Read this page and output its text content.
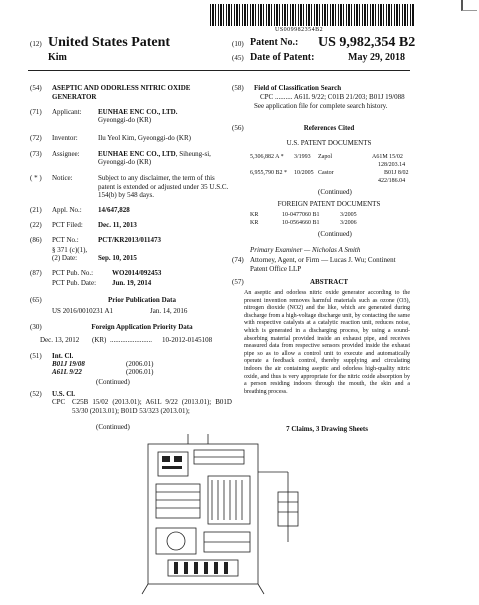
US009982354B2
(12) United States Patent
Kim
(10) Patent No.: US 9,982,354 B2
(45) Date of Patent:	May 29, 2018
(54) ASEPTIC AND ODORLESS NITRIC OXIDE GENERATOR
(71) Applicant: EUNHAE ENC CO., LTD.
Gyeonggi-do (KR)
(72) Inventor:	Ilu Yeol Kim, Gyeonggi-do (KR)
(73) Assignee:	EUNHAE ENC CO., LTD, Siheung-si,
Gyeonggi-do (KR)
( * ) Notice:	Subject to any disclaimer, the term of this patent is extended or adjusted under 35 U.S.C. 154(b) by 548 days.
(21) Appl. No.: 14/647,828
(22) PCT Filed: Dec. 11, 2013
(86) PCT No.:	PCT/KR2013/011473
§ 371 (c)(1),
(2) Date:	Sep. 10, 2015
(87) PCT Pub. No.:	WO2014/092453
PCT Pub. Date: Jun. 19, 2014
(65)	Prior Publication Data
US 2016/0010231 A1	Jan. 14, 2016
(30)	Foreign Application Priority Data
Dec. 13, 2012 (KR) ........................ 10-2012-0145108
(51) Int. Cl.
B01J 19/08	(2006.01)
A61L 9/22	(2006.01)
(Continued)
(52) U.S. Cl.
CPC C25B 15/02 (2013.01); A61L 9/22 (2013.01); B01D 53/30 (2013.01); B01D 53/323 (2013.01);
(Continued)
(58) Field of Classification Search
CPC .......... A61L 9/22; C01B 21/203; B01J 19/088
See application file for complete search history.
(56)	References Cited
U.S. PATENT DOCUMENTS
5,306,882 A * 3/1993 Zapol	A61M 15/02
128/203.14
6,955,790 B2 * 10/2005 Castor	B01J 8/02
422/186.04
(Continued)
FOREIGN PATENT DOCUMENTS
KR	10-0477060 B1	3/2005
KR	10-0564660 B1	3/2006
(Continued)
Primary Examiner — Nicholas A Smith
(74) Attorney, Agent, or Firm — Lucas J. Wu; Continent Patent Office LLP
(57)	ABSTRACT
An aseptic and odorless nitric oxide generator according to the present invention removes harmful materials such as ozone (O3), nitrogen dioxide (NO2) and the like, which are generated during discharge from a high-voltage discharge unit, by contacting the same with respective catalysts at a catalytic reaction unit, reduces noise, which is generated in a discharging process, by using a sound-absorbing material provided inside an exhaust pipe, and receives measured data from respective sensors provided inside the exhaust pipe so as to allow a control unit to execute and automatically operate a feedback control, thereby supplying and circulating indoors the air containing aseptic and odorless high-quality nitric oxide, and thus is very appropriate for the nitric oxide absorption by a person residing indoors through the mouth, the skin and a breathing process.
7 Claims, 3 Drawing Sheets
